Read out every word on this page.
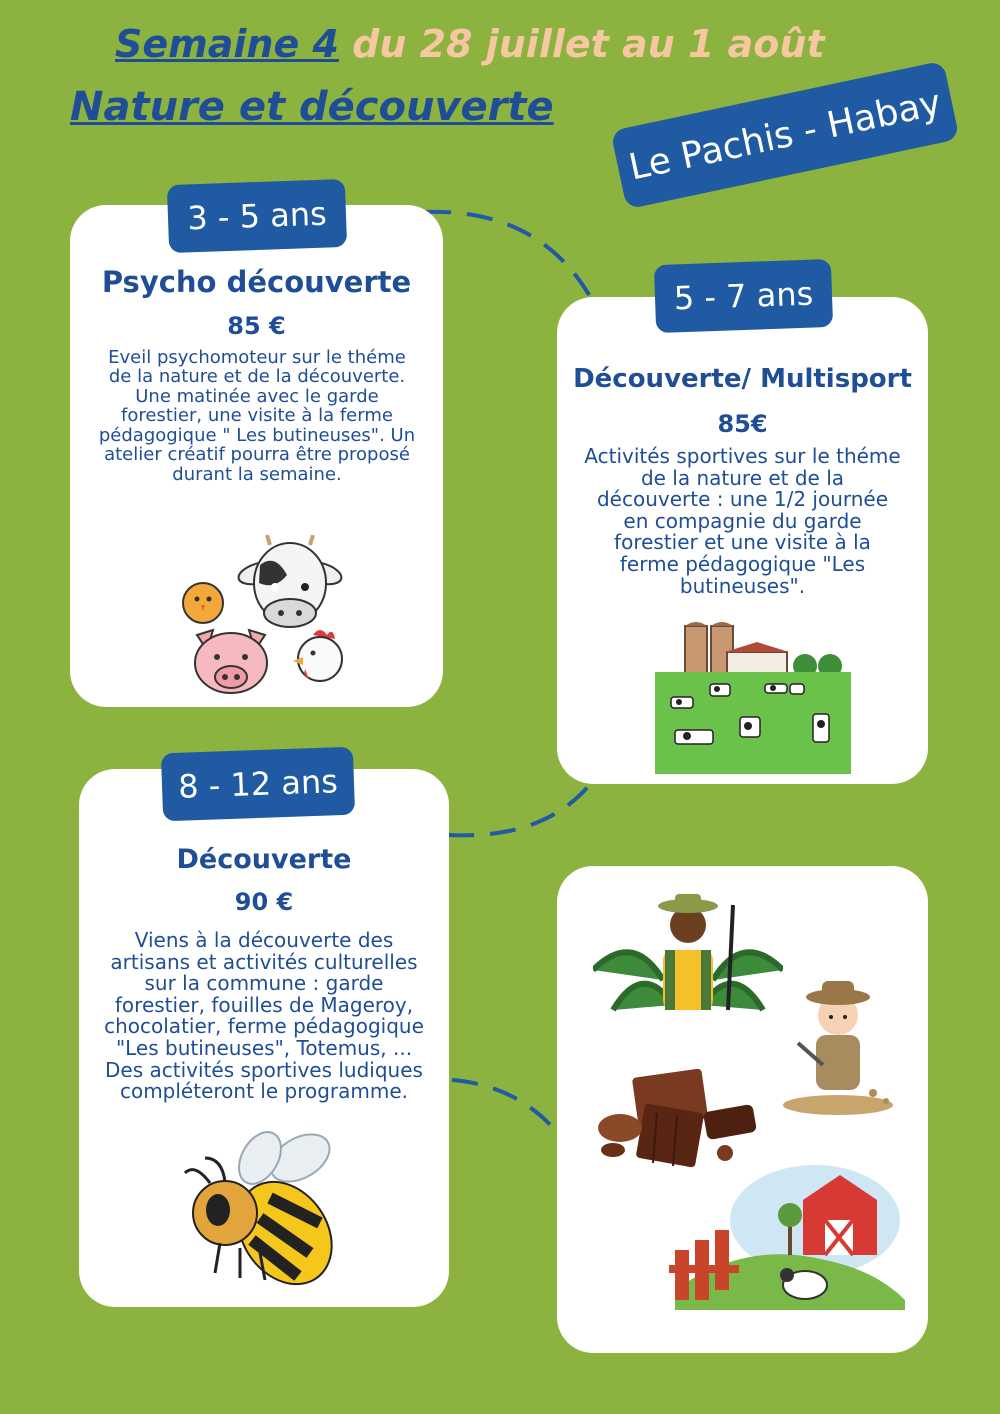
Semaine 4 du 28 juillet au 1 août
Nature et découverte	Le Pachis - Habay
3 - 5 ans
Psycho découverte
85 €
Eveil psychomoteur sur le théme de la nature et de la découverte. Une matinée avec le garde forestier, une visite à la ferme pédagogique " Les butineuses". Un atelier créatif pourra être proposé durant la semaine.
5 - 7 ans
Découverte/ Multisport
85€
Activités sportives sur le théme de la nature et de la découverte : une 1/2 journée en compagnie du garde forestier et une visite à la ferme pédagogique "Les butineuses".
8 - 12 ans
Découverte
90 €
Viens à la découverte des artisans et activités culturelles sur la commune : garde forestier, fouilles de Mageroy, chocolatier, ferme pédagogique "Les butineuses", Totemus, ... Des activités sportives ludiques compléteront le programme.
